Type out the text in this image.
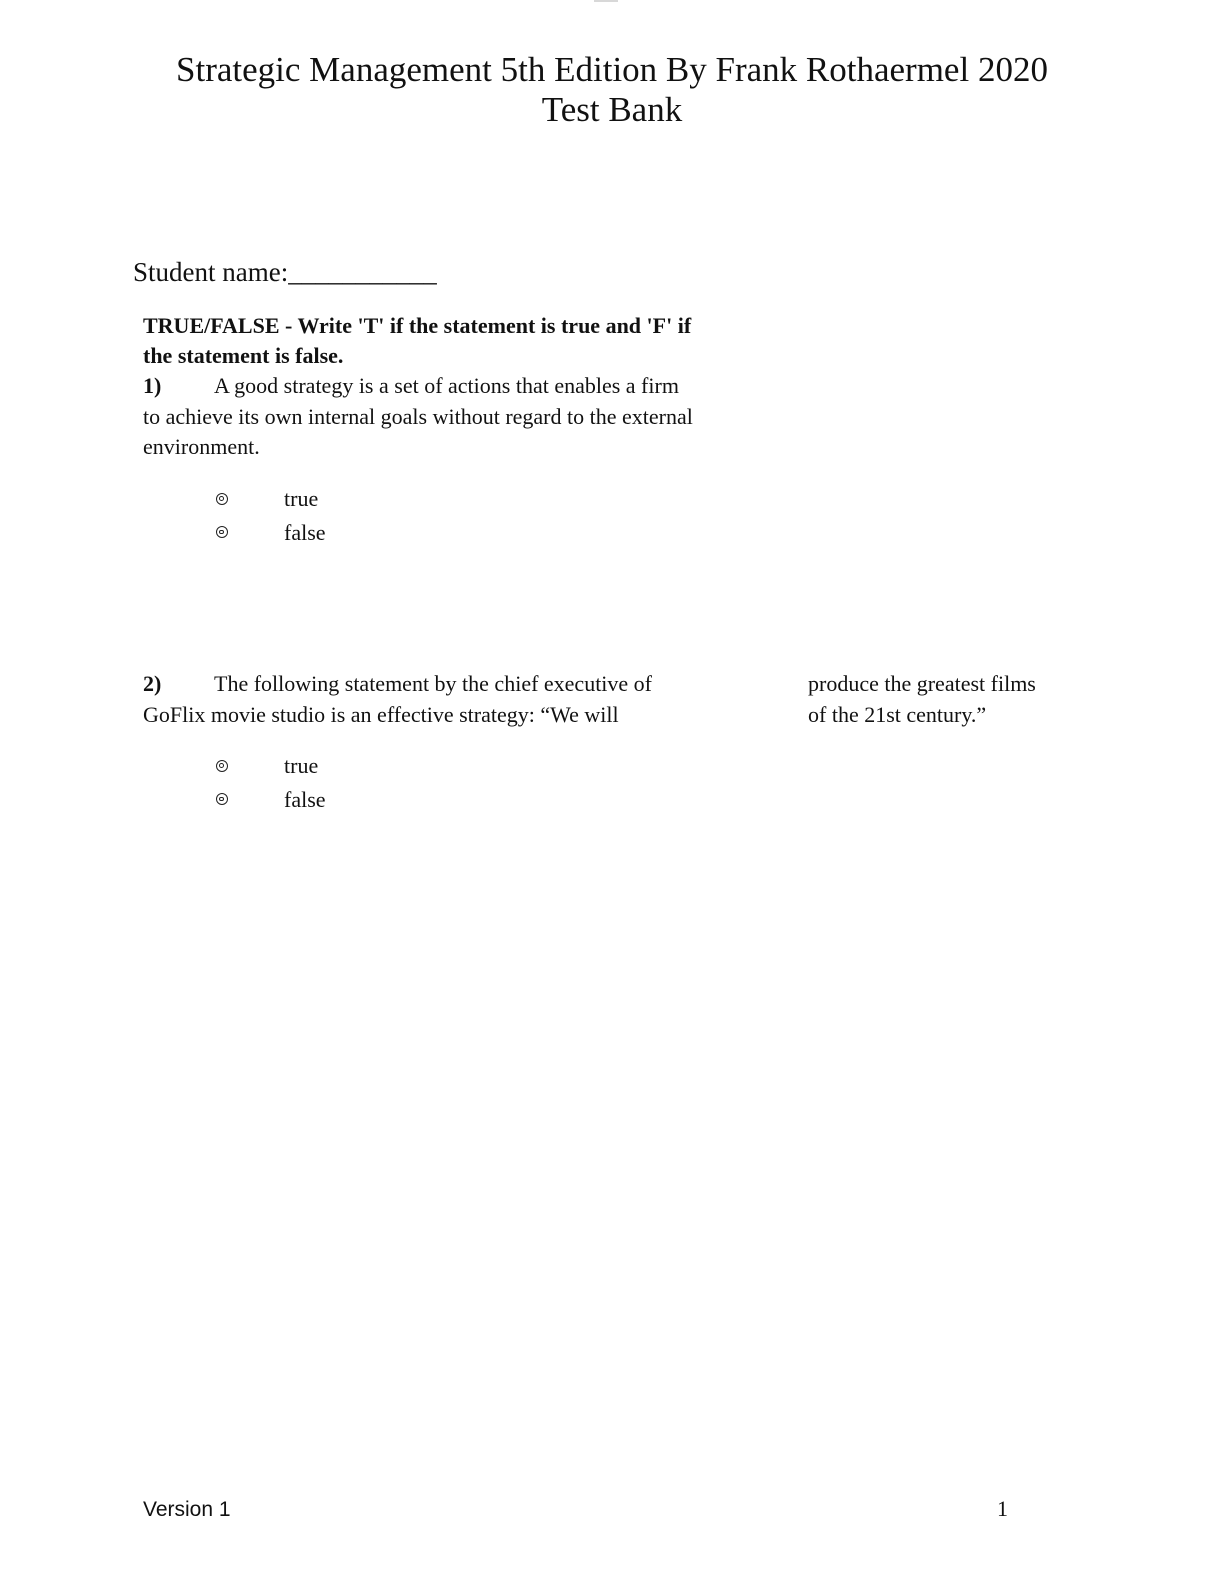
Strategic Management 5th Edition By Frank Rothaermel 2020
Test Bank
Student name:___________
TRUE/FALSE - Write 'T' if the statement is true and 'F' if
the statement is false.
1) A good strategy is a set of actions that enables a firm
to achieve its own internal goals without regard to the external
environment.
true
false
2) The following statement by the chief executive of
GoFlix movie studio is an effective strategy: “We will
produce the greatest films
of the 21st century.”
true
false
Version 1	1
